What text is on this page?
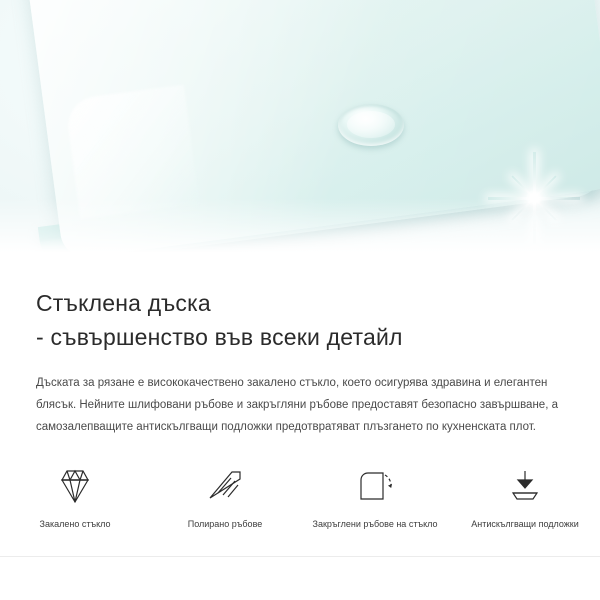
Стъклена дъска
- съвършенство във всеки детайл

Дъската за рязане е висококачествено закалено стъкло, което осигурява здравина и елегантен блясък. Нейните шлифовани ръбове и закръгляни ръбове предоставят безопасно завършване, а самозалепващите антискългващи подложки предотвратяват плъзгането по кухненската плот.

Закалено стъкло	Полирано ръбове	Закръглени ръбове на стъкло	Антискългващи подложки
